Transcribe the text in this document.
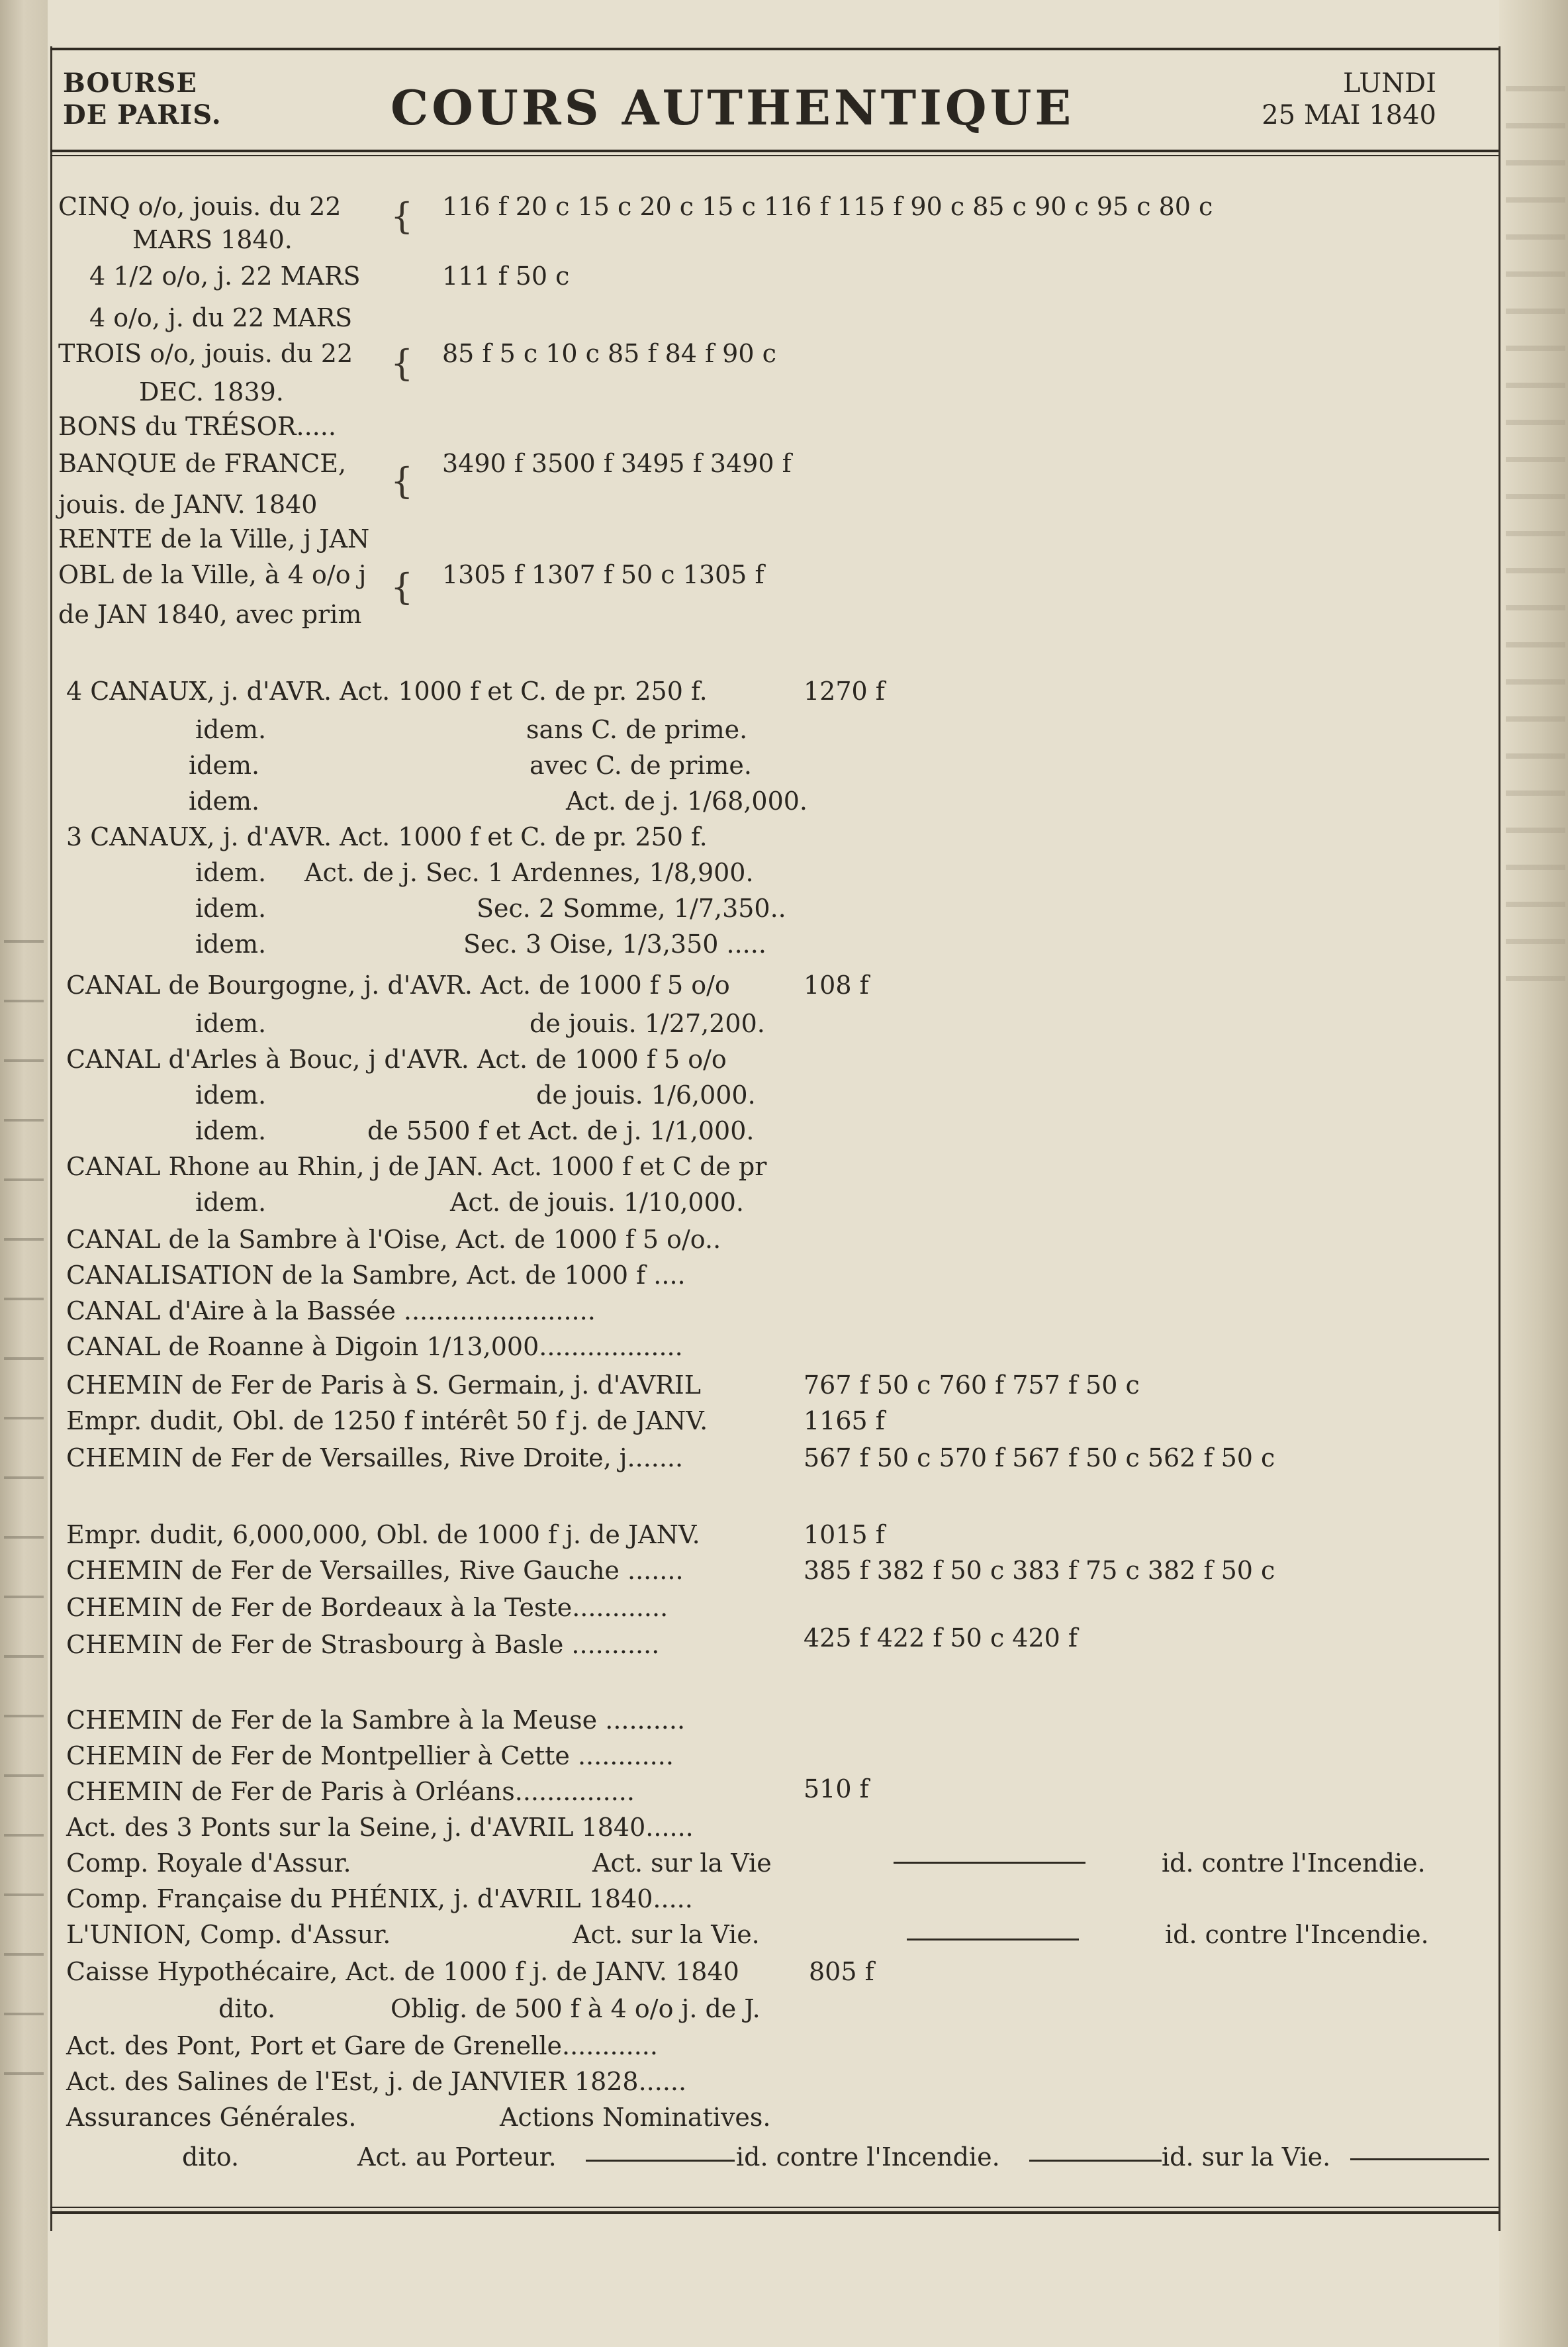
BOURSE
DE PARIS.	COURS AUTHENTIQUE	LUNDI
25 MAI 1840
CINQ o/o, jouis. du 22	116 f 20 c 15 c 20 c 15 c 116 f 115 f 90 c 85 c 90 c 95 c 80 c
MARS 1840.
4 1/2 o/o, j. 22 MARS	111 f 50 c
4 o/o, j. du 22 MARS
TROIS o/o, jouis. du 22	85 f 5 c 10 c 85 f 84 f 90 c
DEC. 1839.
BONS du TRÉSOR.....
BANQUE de FRANCE,	3490 f 3500 f 3495 f 3490 f
jouis. de JANV. 1840
RENTE de la Ville, j JAN
OBL de la Ville, à 4 o/o j	1305 f 1307 f 50 c 1305 f
de JAN 1840, avec prim
{
{
{
{
4 CANAUX, j. d'AVR. Act. 1000 f et C. de pr. 250 f.	1270 f
idem.	sans C. de prime.
idem.	avec C. de prime.
idem.	Act. de j. 1/68,000.
3 CANAUX, j. d'AVR. Act. 1000 f et C. de pr. 250 f.
idem. Act. de j. Sec. 1 Ardennes, 1/8,900.
idem.	Sec. 2 Somme, 1/7,350..
idem.	Sec. 3 Oise, 1/3,350 .....
CANAL de Bourgogne, j. d'AVR. Act. de 1000 f 5 o/o	108 f
idem.	de jouis. 1/27,200.
CANAL d'Arles à Bouc, j d'AVR. Act. de 1000 f 5 o/o
idem.	de jouis. 1/6,000.
idem.	de 5500 f et Act. de j. 1/1,000.
CANAL Rhone au Rhin, j de JAN. Act. 1000 f et C de pr
idem.	Act. de jouis. 1/10,000.
CANAL de la Sambre à l'Oise, Act. de 1000 f 5 o/o..
CANALISATION de la Sambre, Act. de 1000 f ....
CANAL d'Aire à la Bassée ........................
CANAL de Roanne à Digoin 1/13,000..................
CHEMIN de Fer de Paris à S. Germain, j. d'AVRIL	767 f 50 c 760 f 757 f 50 c
Empr. dudit, Obl. de 1250 f intérêt 50 f j. de JANV.	1165 f
CHEMIN de Fer de Versailles, Rive Droite, j.......	567 f 50 c 570 f 567 f 50 c 562 f 50 c
Empr. dudit, 6,000,000, Obl. de 1000 f j. de JANV.	1015 f
CHEMIN de Fer de Versailles, Rive Gauche .......	385 f 382 f 50 c 383 f 75 c 382 f 50 c
CHEMIN de Fer de Bordeaux à la Teste............
CHEMIN de Fer de Strasbourg à Basle ...........	425 f 422 f 50 c 420 f
CHEMIN de Fer de la Sambre à la Meuse ..........
CHEMIN de Fer de Montpellier à Cette ............
CHEMIN de Fer de Paris à Orléans...............	510 f
Act. des 3 Ponts sur la Seine, j. d'AVRIL 1840......
Comp. Royale d'Assur.	Act. sur la Vie	id. contre l'Incendie.
Comp. Française du PHÉNIX, j. d'AVRIL 1840.....
L'UNION, Comp. d'Assur.	Act. sur la Vie.	id. contre l'Incendie.
Caisse Hypothécaire, Act. de 1000 f j. de JANV. 1840	805 f
dito.	Oblig. de 500 f à 4 o/o j. de J.
Act. des Pont, Port et Gare de Grenelle............
Act. des Salines de l'Est, j. de JANVIER 1828......
Assurances Générales.	Actions Nominatives.
dito.	Act. au Porteur.	id. contre l'Incendie.	id. sur la Vie.
